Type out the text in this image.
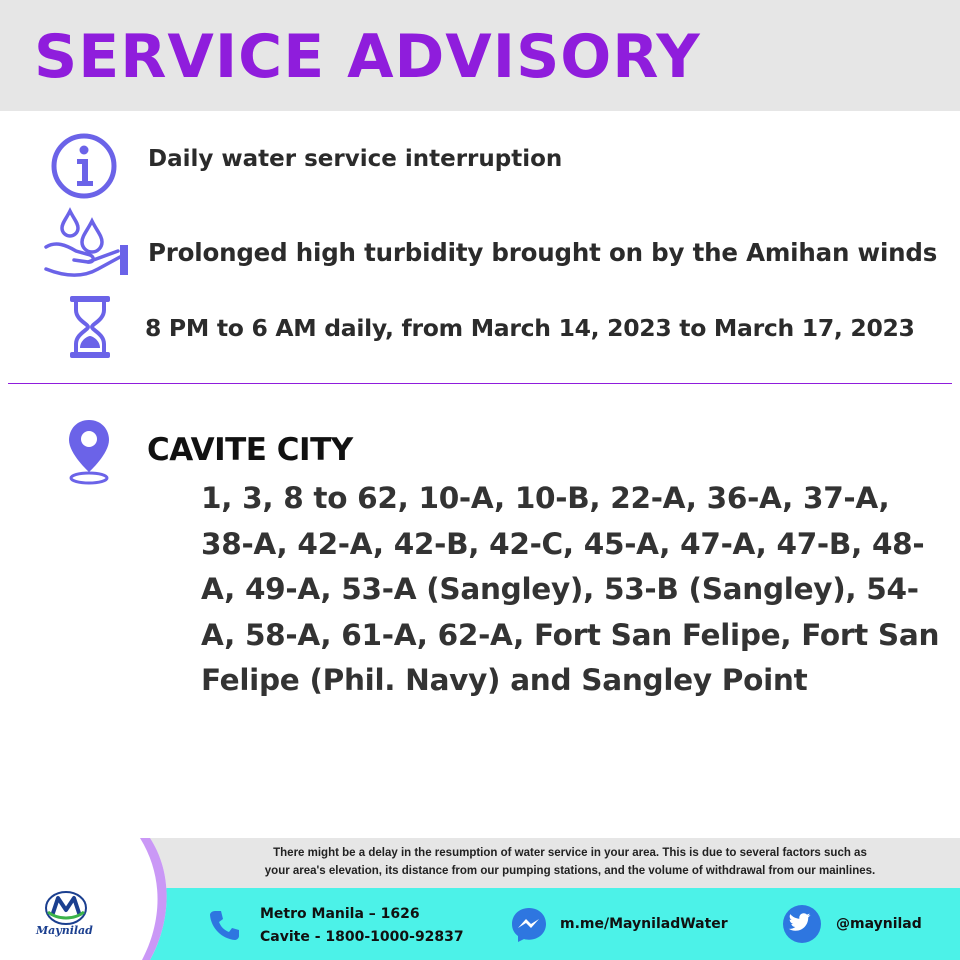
SERVICE ADVISORY
Daily water service interruption
Prolonged high turbidity brought on by the Amihan winds
8 PM to 6 AM daily, from March 14, 2023 to March 17, 2023
CAVITE CITY
1, 3, 8 to 62, 10-A, 10-B, 22-A, 36-A, 37-A, 38-A, 42-A, 42-B, 42-C, 45-A, 47-A, 47-B, 48-A, 49-A, 53-A (Sangley), 53-B (Sangley), 54-A, 58-A, 61-A, 62-A, Fort San Felipe, Fort San Felipe (Phil. Navy) and Sangley Point
There might be a delay in the resumption of water service in your area. This is due to several factors such as
your area's elevation, its distance from our pumping stations, and the volume of withdrawal from our mainlines.
Maynilad
Metro Manila – 1626
Cavite - 1800-1000-92837
m.me/MayniladWater	@maynilad
